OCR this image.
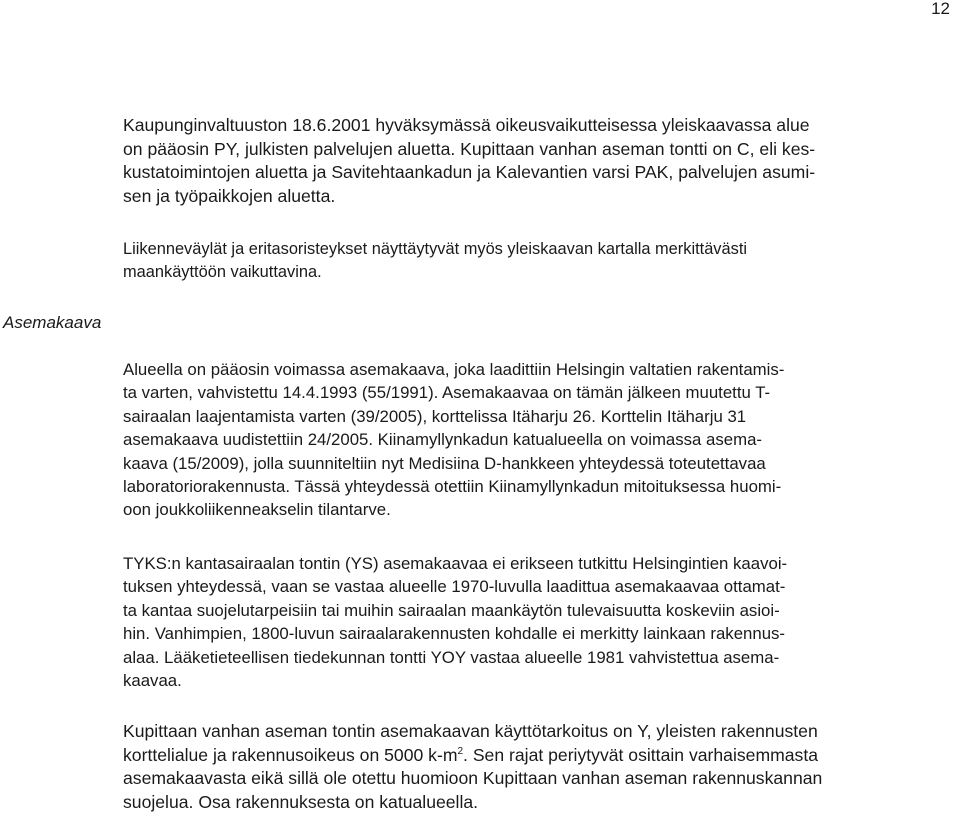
12
Asemakaava
Kaupunginvaltuuston 18.6.2001 hyväksymässä oikeusvaikutteisessa yleiskaavassa alue
on pääosin PY, julkisten palvelujen aluetta. Kupittaan vanhan aseman tontti on C, eli kes-
kustatoimintojen aluetta ja Savitehtaankadun ja Kalevantien varsi PAK, palvelujen asumi-
sen ja työpaikkojen aluetta.
Liikenneväylät ja eritasoristeykset näyttäytyvät myös yleiskaavan kartalla merkittävästi
maankäyttöön vaikuttavina.
Alueella on pääosin voimassa asemakaava, joka laadittiin Helsingin valtatien rakentamis-
ta varten, vahvistettu 14.4.1993 (55/1991). Asemakaavaa on tämän jälkeen muutettu T-
sairaalan laajentamista varten (39/2005), korttelissa Itäharju 26. Korttelin Itäharju 31
asemakaava uudistettiin 24/2005. Kiinamyllynkadun katualueella on voimassa asema-
kaava (15/2009), jolla suunniteltiin nyt Medisiina D-hankkeen yhteydessä toteutettavaa
laboratoriorakennusta. Tässä yhteydessä otettiin Kiinamyllynkadun mitoituksessa huomi-
oon joukkoliikenneakselin tilantarve.
TYKS:n kantasairaalan tontin (YS) asemakaavaa ei erikseen tutkittu Helsingintien kaavoi-
tuksen yhteydessä, vaan se vastaa alueelle 1970-luvulla laadittua asemakaavaa ottamat-
ta kantaa suojelutarpeisiin tai muihin sairaalan maankäytön tulevaisuutta koskeviin asioi-
hin. Vanhimpien, 1800-luvun sairaalarakennusten kohdalle ei merkitty lainkaan rakennus-
alaa. Lääketieteellisen tiedekunnan tontti YOY vastaa alueelle 1981 vahvistettua asema-
kaavaa.
Kupittaan vanhan aseman tontin asemakaavan käyttötarkoitus on Y, yleisten rakennusten
korttelialue ja rakennusoikeus on 5000 $k-m^2$. Sen rajat periytyvät osittain varhaisemmasta
asemakaavasta eikä sillä ole otettu huomioon Kupittaan vanhan aseman rakennuskannan
suojelua. Osa rakennuksesta on katualueella.
